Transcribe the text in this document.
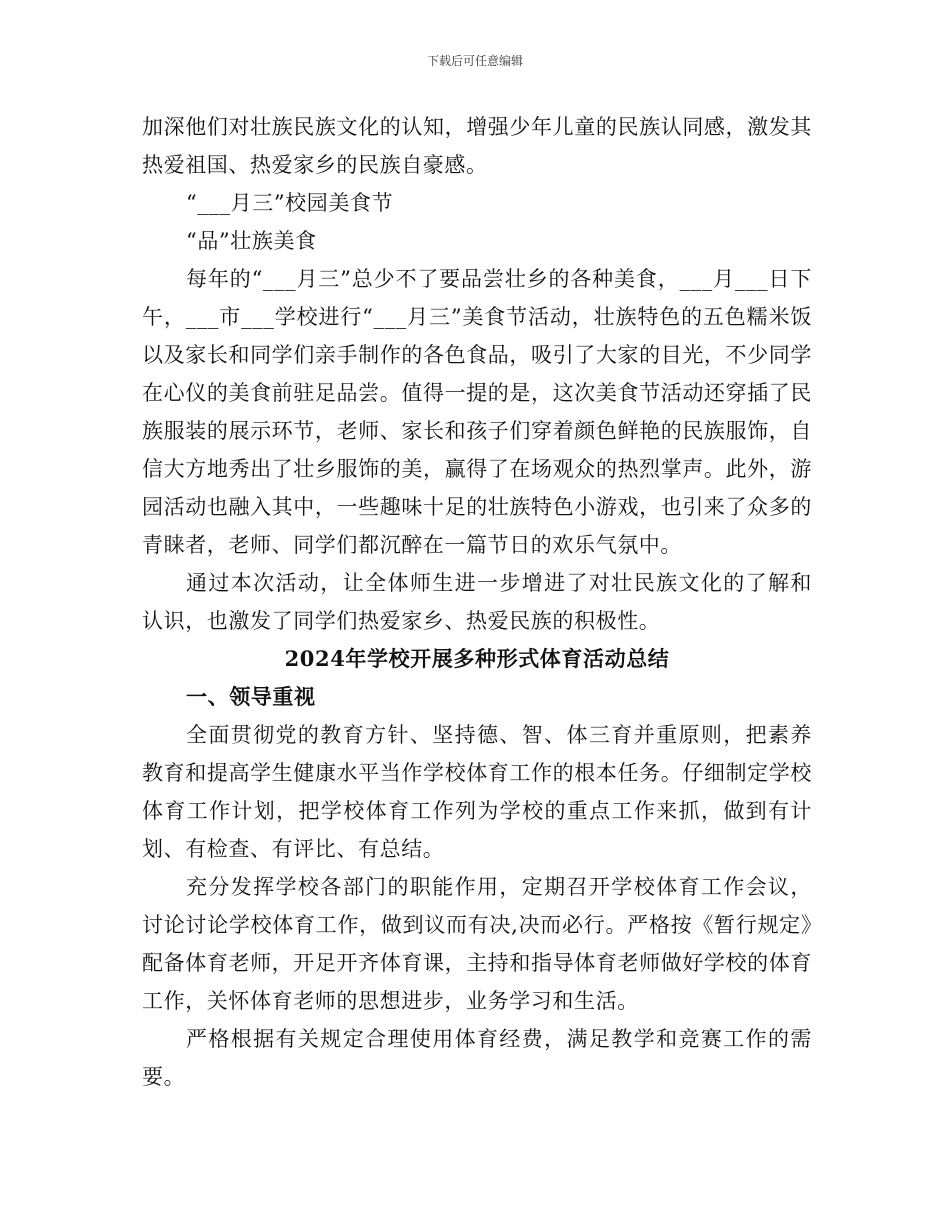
下载后可任意编辑

加深他们对壮族民族文化的认知，增强少年儿童的民族认同感，激发其热爱祖国、热爱家乡的民族自豪感。

“___月三”校园美食节

“品”壮族美食

每年的“___月三”总少不了要品尝壮乡的各种美食，___月___日下午，___市___学校进行“___月三”美食节活动，壮族特色的五色糯米饭以及家长和同学们亲手制作的各色食品，吸引了大家的目光，不少同学在心仪的美食前驻足品尝。值得一提的是，这次美食节活动还穿插了民族服装的展示环节，老师、家长和孩子们穿着颜色鲜艳的民族服饰，自信大方地秀出了壮乡服饰的美，赢得了在场观众的热烈掌声。此外，游园活动也融入其中，一些趣味十足的壮族特色小游戏，也引来了众多的青睐者，老师、同学们都沉醉在一篇节日的欢乐气氛中。

通过本次活动，让全体师生进一步增进了对壮民族文化的了解和认识，也激发了同学们热爱家乡、热爱民族的积极性。

2024年学校开展多种形式体育活动总结

一、领导重视

全面贯彻党的教育方针、坚持德、智、体三育并重原则，把素养教育和提高学生健康水平当作学校体育工作的根本任务。仔细制定学校体育工作计划，把学校体育工作列为学校的重点工作来抓，做到有计划、有检查、有评比、有总结。

充分发挥学校各部门的职能作用，定期召开学校体育工作会议，讨论讨论学校体育工作，做到议而有决,决而必行。严格按《暂行规定》配备体育老师，开足开齐体育课，主持和指导体育老师做好学校的体育工作，关怀体育老师的思想进步，业务学习和生活。

严格根据有关规定合理使用体育经费，满足教学和竞赛工作的需要。
